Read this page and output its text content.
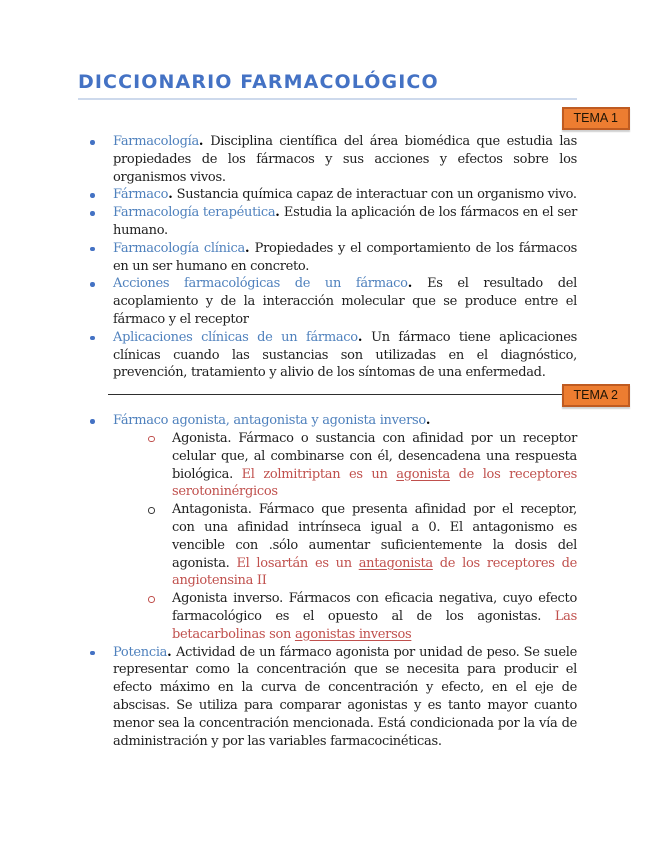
DICCIONARIO FARMACOLÓGICO
TEMA 1
Farmacología. Disciplina científica del área biomédica que estudia las propiedades de los fármacos y sus acciones y efectos sobre los organismos vivos.
Fármaco. Sustancia química capaz de interactuar con un organismo vivo.
Farmacología terapéutica. Estudia la aplicación de los fármacos en el ser humano.
Farmacología clínica. Propiedades y el comportamiento de los fármacos en un ser humano en concreto.
Acciones farmacológicas de un fármaco. Es el resultado del acoplamiento y de la interacción molecular que se produce entre el fármaco y el receptor
Aplicaciones clínicas de un fármaco. Un fármaco tiene aplicaciones clínicas cuando las sustancias son utilizadas en el diagnóstico, prevención, tratamiento y alivio de los síntomas de una enfermedad.
TEMA 2
Fármaco agonista, antagonista y agonista inverso.
Agonista. Fármaco o sustancia con afinidad por un receptor celular que, al combinarse con él, desencadena una respuesta biológica. El zolmitriptan es un agonista de los receptores serotoninérgicos
Antagonista. Fármaco que presenta afinidad por el receptor, con una afinidad intrínseca igual a 0. El antagonismo es vencible con .sólo aumentar suficientemente la dosis del agonista. El losartán es un antagonista de los receptores de angiotensina II
Agonista inverso. Fármacos con eficacia negativa, cuyo efecto farmacológico es el opuesto al de los agonistas. Las betacarbolinas son agonistas inversos
Potencia. Actividad de un fármaco agonista por unidad de peso. Se suele representar como la concentración que se necesita para producir el efecto máximo en la curva de concentración y efecto, en el eje de abscisas. Se utiliza para comparar agonistas y es tanto mayor cuanto menor sea la concentración mencionada. Está condicionada por la vía de administración y por las variables farmacocinéticas.
